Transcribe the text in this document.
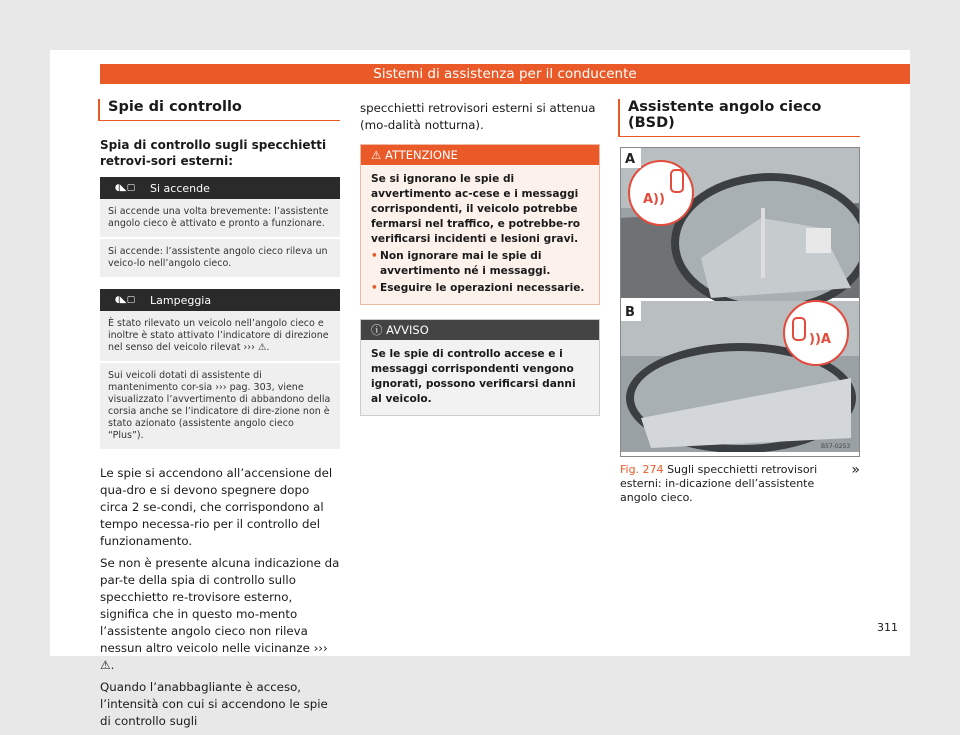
Sistemi di assistenza per il conducente
Spie di controllo
Spia di controllo sugli specchietti retrovi-sori esterni:
◖◣▢	Si accende
Si accende una volta brevemente: l’assistente angolo cieco è attivato e pronto a funzionare.
Si accende: l’assistente angolo cieco rileva un veico-lo nell’angolo cieco.
◖◣▢	Lampeggia
È stato rilevato un veicolo nell’angolo cieco e inoltre è stato attivato l’indicatore di direzione nel senso del veicolo rilevat ››› ⚠.
Sui veicoli dotati di assistente di mantenimento cor-sia ››› pag. 303, viene visualizzato l’avvertimento di abbandono della corsia anche se l’indicatore di dire-zione non è stato azionato (assistente angolo cieco “Plus”).

Le spie si accendono all’accensione del qua-dro e si devono spegnere dopo circa 2 se-condi, che corrispondono al tempo necessa-rio per il controllo del funzionamento.

Se non è presente alcuna indicazione da par-te della spia di controllo sullo specchietto re-trovisore esterno, significa che in questo mo-mento l’assistente angolo cieco non rileva nessun altro veicolo nelle vicinanze ››› ⚠.

Quando l’anabbagliante è acceso, l’intensità con cui si accendono le spie di controllo sugli

specchietti retrovisori esterni si attenua (mo-dalità notturna).

⚠ ATTENZIONE
Se si ignorano le spie di avvertimento ac-cese e i messaggi corrispondenti, il veicolo potrebbe fermarsi nel traffico, e potrebbe-ro verificarsi incidenti e lesioni gravi.
• Non ignorare mai le spie di avvertimento né i messaggi.
• Eseguire le operazioni necessarie.
ⓘ AVVISO
Se le spie di controllo accese e i messaggi corrispondenti vengono ignorati, possono verificarsi danni al veicolo.
Assistente angolo cieco (BSD)
A))
A
))A
B
B57-0253
Fig. 274 Sugli specchietti retrovisori esterni: in-dicazione dell’assistente angolo cieco.
»
311
